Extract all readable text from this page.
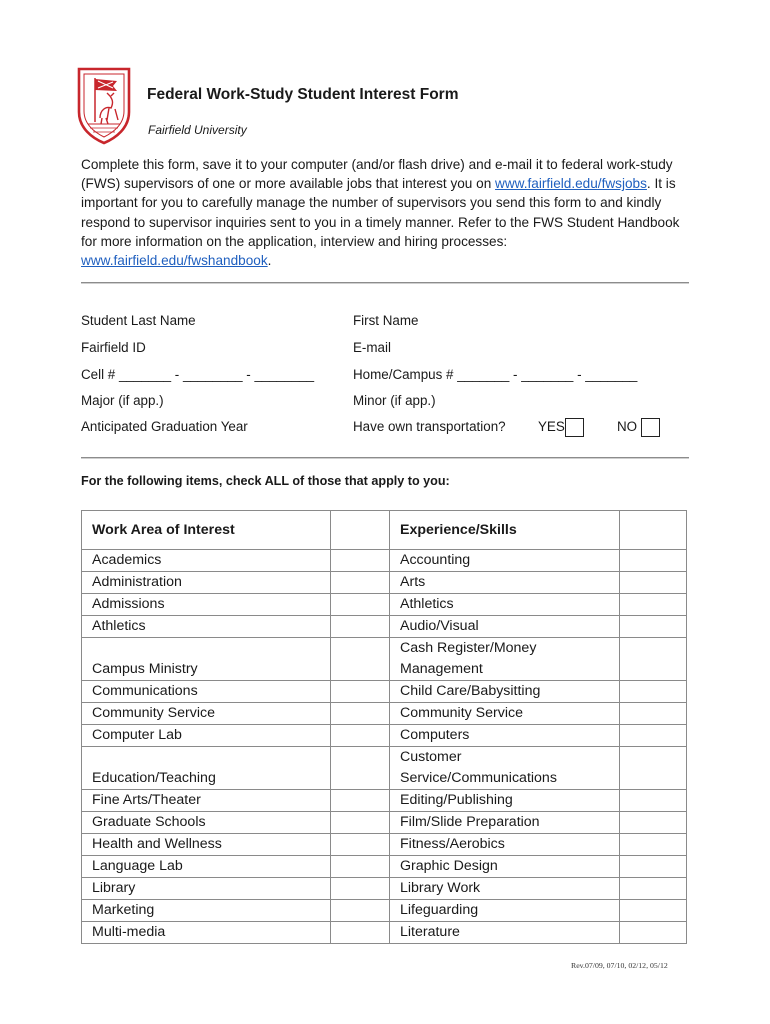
Federal Work-Study Student Interest Form
Fairfield University
Complete this form, save it to your computer (and/or flash drive) and e-mail it to federal work-study (FWS) supervisors of one or more available jobs that interest you on www.fairfield.edu/fwsjobs. It is important for you to carefully manage the number of supervisors you send this form to and kindly respond to supervisor inquiries sent to you in a timely manner. Refer to the FWS Student Handbook for more information on the application, interview and hiring processes: www.fairfield.edu/fwshandbook.
Student Last Name	First Name
Fairfield ID	E-mail
Cell # _______ - ________ - ________	Home/Campus # _______ - _______ - _______
Major (if app.)	Minor (if app.)
Anticipated Graduation Year	Have own transportation? YES	NO
For the following items, check ALL of those that apply to you:
Work Area of Interest		Experience/Skills	
Academics		Accounting	
Administration		Arts	
Admissions		Athletics	
Athletics		Audio/Visual	
Campus Ministry		Cash Register/Money Management	
Communications		Child Care/Babysitting	
Community Service		Community Service	
Computer Lab		Computers	
Education/Teaching		Customer Service/Communications	
Fine Arts/Theater		Editing/Publishing	
Graduate Schools		Film/Slide Preparation	
Health and Wellness		Fitness/Aerobics	
Language Lab		Graphic Design	
Library		Library Work	
Marketing		Lifeguarding	
Multi-media		Literature	
Rev.07/09, 07/10, 02/12, 05/12
